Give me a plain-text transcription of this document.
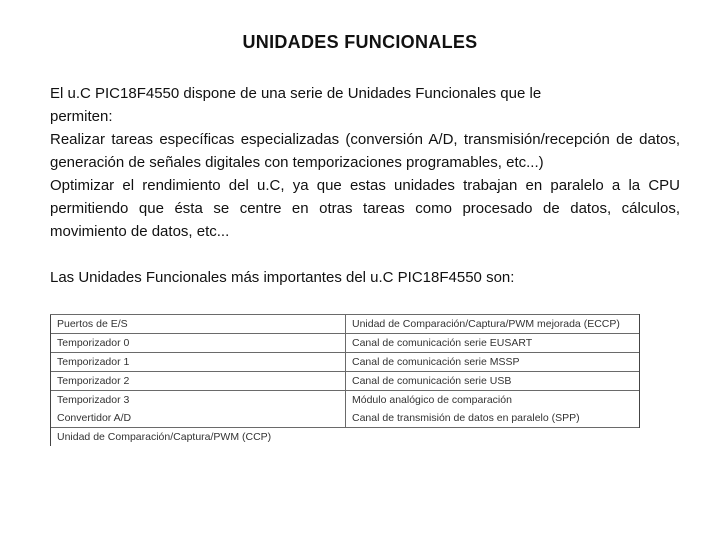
UNIDADES FUNCIONALES

El u.C PIC18F4550 dispone de una serie de Unidades Funcionales que le

permiten:

Realizar tareas específicas especializadas (conversión A/D, transmisión/recepción de datos, generación de señales digitales con temporizaciones programables, etc...)

Optimizar el rendimiento del u.C, ya que estas unidades trabajan en paralelo a la CPU permitiendo que ésta se centre en otras tareas como procesado de datos, cálculos, movimiento de datos, etc...

Las Unidades Funcionales más importantes del u.C PIC18F4550 son:

Puertos de E/S	Unidad de Comparación/Captura/PWM mejorada (ECCP)
Temporizador 0	Canal de comunicación serie EUSART
Temporizador 1	Canal de comunicación serie MSSP
Temporizador 2	Canal de comunicación serie USB
Temporizador 3	Módulo analógico de comparación
Convertidor A/D	Canal de transmisión de datos en paralelo (SPP)
Unidad de Comparación/Captura/PWM (CCP)	
